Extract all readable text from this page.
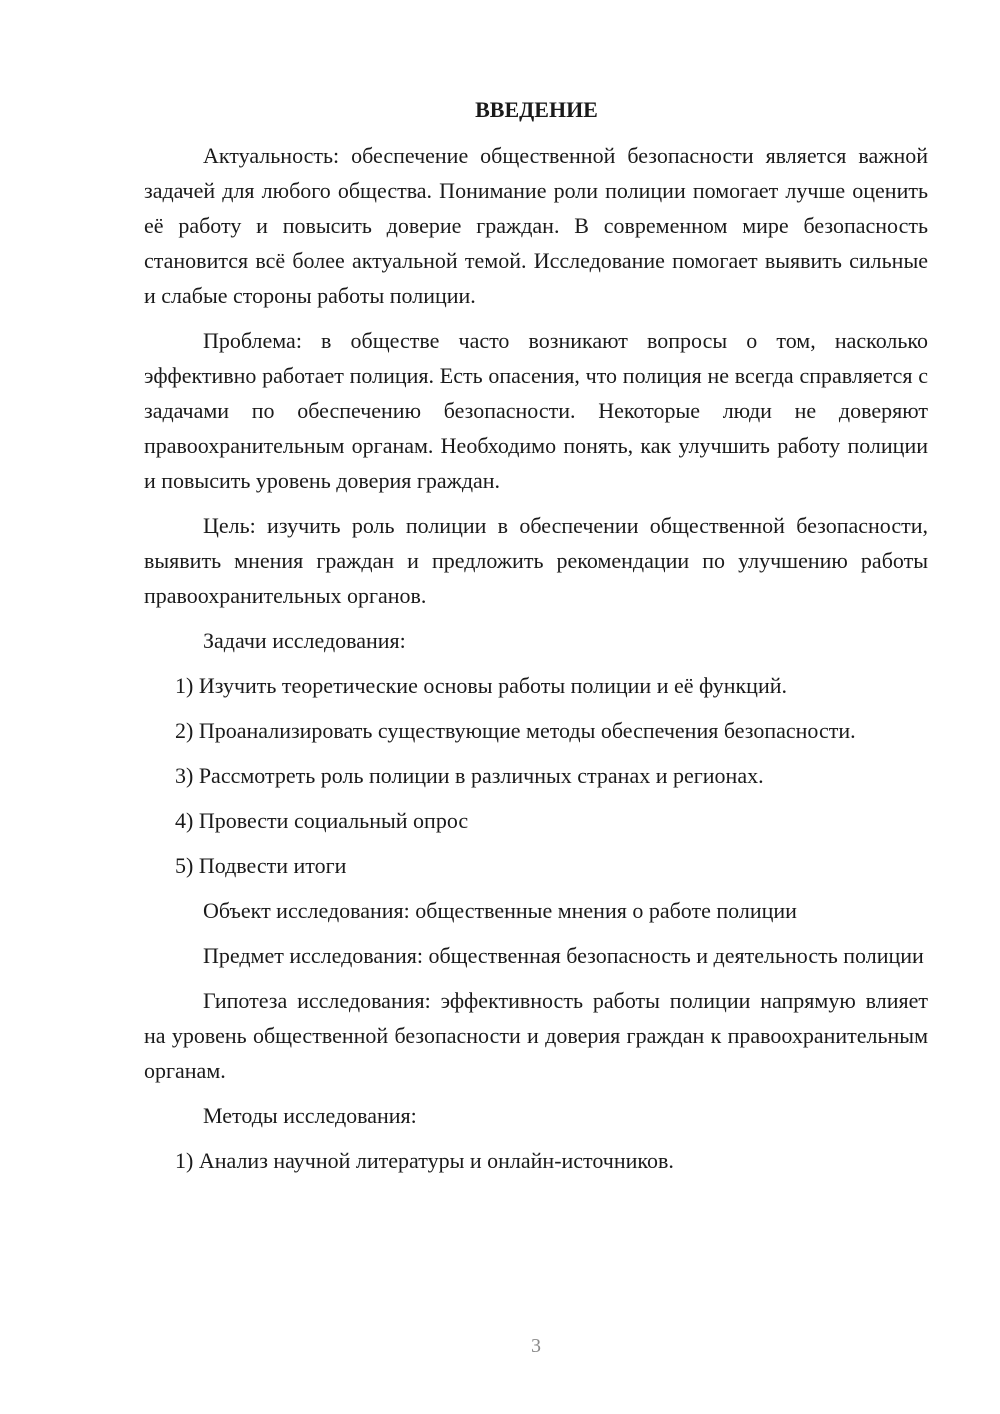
ВВЕДЕНИЕ

Актуальность: обеспечение общественной безопасности является важной задачей для любого общества. Понимание роли полиции помогает лучше оценить её работу и повысить доверие граждан. В современном мире безопасность становится всё более актуальной темой. Исследование помогает выявить сильные и слабые стороны работы полиции.

Проблема: в обществе часто возникают вопросы о том, насколько эффективно работает полиция. Есть опасения, что полиция не всегда справляется с задачами по обеспечению безопасности. Некоторые люди не доверяют правоохранительным органам. Необходимо понять, как улучшить работу полиции и повысить уровень доверия граждан.

Цель: изучить роль полиции в обеспечении общественной безопасности, выявить мнения граждан и предложить рекомендации по улучшению работы правоохранительных органов.

Задачи исследования:

1) Изучить теоретические основы работы полиции и её функций.

2) Проанализировать существующие методы обеспечения безопасности.

3) Рассмотреть роль полиции в различных странах и регионах.

4) Провести социальный опрос

5) Подвести итоги

Объект исследования: общественные мнения о работе полиции

Предмет исследования: общественная безопасность и деятельность полиции

Гипотеза исследования: эффективность работы полиции напрямую влияет на уровень общественной безопасности и доверия граждан к правоохранительным органам.

Методы исследования:

1) Анализ научной литературы и онлайн-источников.

3
